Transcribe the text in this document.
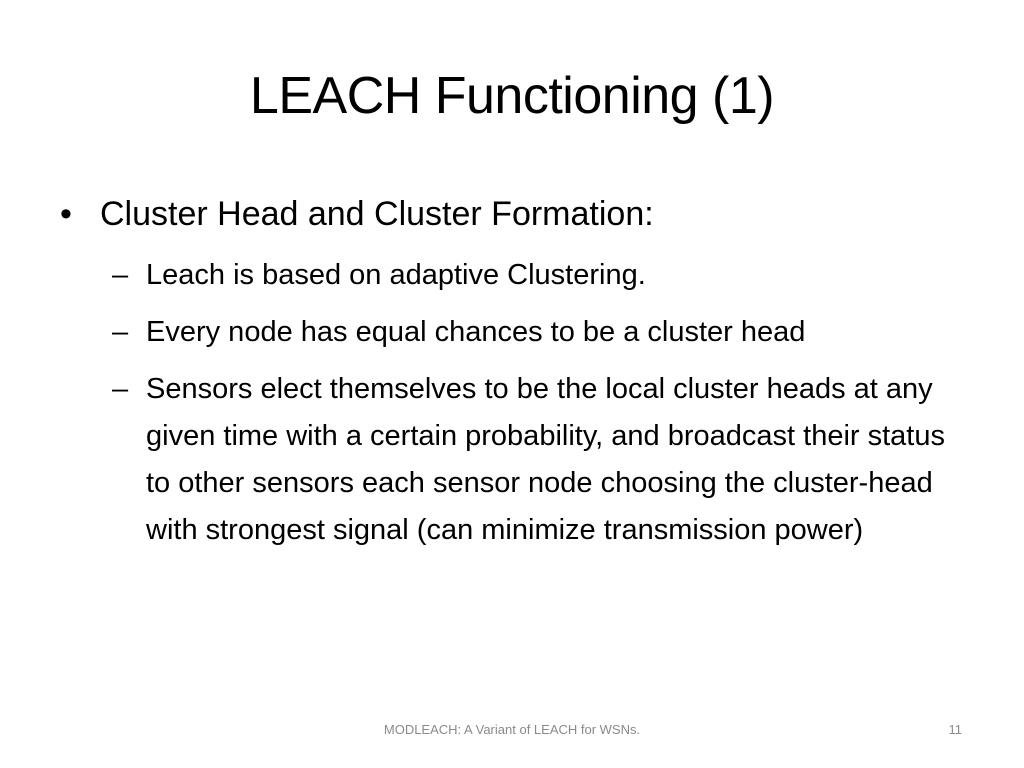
LEACH Functioning (1)
• Cluster Head and Cluster Formation:
– Leach is based on adaptive Clustering.
– Every node has equal chances to be a cluster head
– Sensors elect themselves to be the local cluster heads at any given time with a certain probability, and broadcast their status to other sensors each sensor node choosing the cluster-head with strongest signal (can minimize transmission power)
MODLEACH: A Variant of LEACH for WSNs.	11
